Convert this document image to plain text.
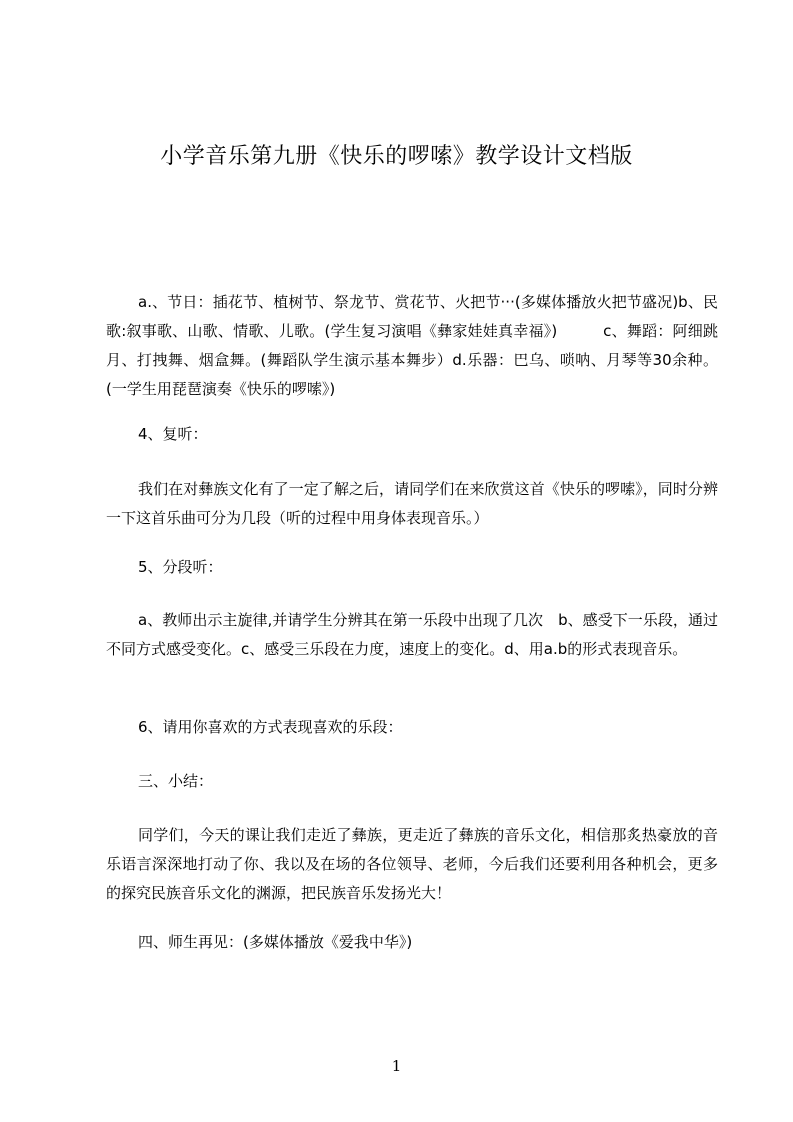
小学音乐第九册《快乐的啰嗦》教学设计文档版
a.、节日：插花节、植树节、祭龙节、赏花节、火把节···(多媒体播放火把节盛况)b、民歌:叙事歌、山歌、情歌、儿歌。(学生复习演唱《彝家娃娃真幸福》)　　　c、舞蹈：阿细跳月、打拽舞、烟盒舞。(舞蹈队学生演示基本舞步）d.乐器：巴乌、唢呐、月琴等30余种。(一学生用琵琶演奏《快乐的啰嗦》)
4、复听：
我们在对彝族文化有了一定了解之后，请同学们在来欣赏这首《快乐的啰嗦》，同时分辨一下这首乐曲可分为几段（听的过程中用身体表现音乐。）
5、分段听：
a、教师出示主旋律,并请学生分辨其在第一乐段中出现了几次　b、感受下一乐段，通过不同方式感受变化。c、感受三乐段在力度，速度上的变化。d、用a.b的形式表现音乐。
6、请用你喜欢的方式表现喜欢的乐段：
三、小结：
同学们，今天的课让我们走近了彝族，更走近了彝族的音乐文化，相信那炙热豪放的音乐语言深深地打动了你、我以及在场的各位领导、老师，今后我们还要利用各种机会，更多的探究民族音乐文化的渊源，把民族音乐发扬光大！
四、师生再见：(多媒体播放《爱我中华》)
1
